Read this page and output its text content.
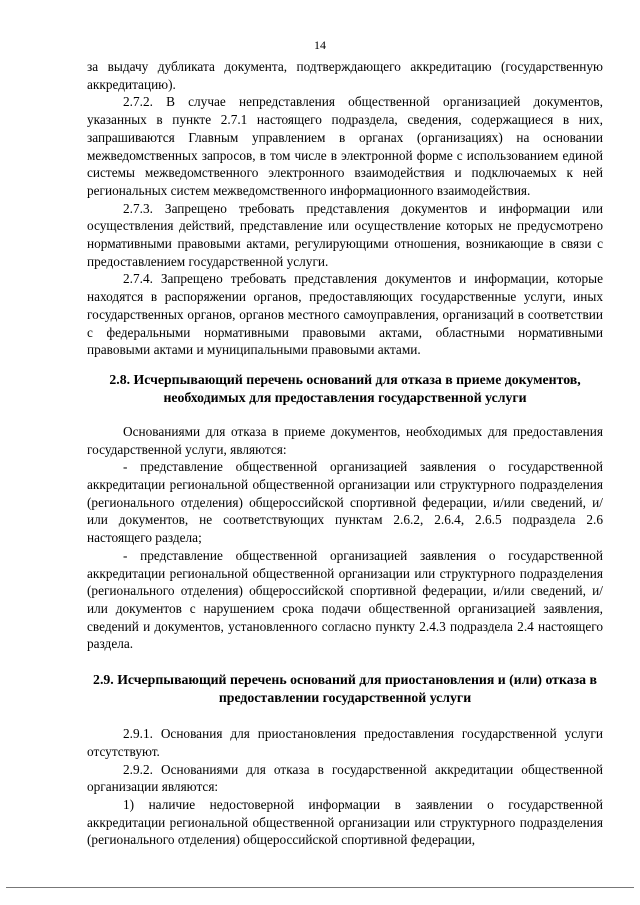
14

за выдачу дубликата документа, подтверждающего аккредитацию (государственную аккредитацию).

2.7.2. В случае непредставления общественной организацией документов, указанных в пункте 2.7.1 настоящего подраздела, сведения, содержащиеся в них, запрашиваются Главным управлением в органах (организациях) на основании межведомственных запросов, в том числе в электронной форме с использованием единой системы межведомственного электронного взаимодействия и подключаемых к ней региональных систем межведомственного информационного взаимодействия.

2.7.3. Запрещено требовать представления документов и информации или осуществления действий, представление или осуществление которых не предусмотрено нормативными правовыми актами, регулирующими отношения, возникающие в связи с предоставлением государственной услуги.

2.7.4. Запрещено требовать представления документов и информации, которые находятся в распоряжении органов, предоставляющих государственные услуги, иных государственных органов, органов местного самоуправления, организаций в соответствии с федеральными нормативными правовыми актами, областными нормативными правовыми актами и муниципальными правовыми актами.

2.8. Исчерпывающий перечень оснований для отказа в приеме документов, необходимых для предоставления государственной услуги

Основаниями для отказа в приеме документов, необходимых для предоставления государственной услуги, являются:

- представление общественной организацией заявления о государственной аккредитации региональной общественной организации или структурного подразделения (регионального отделения) общероссийской спортивной федерации, и/или сведений, и/или документов, не соответствующих пунктам 2.6.2, 2.6.4, 2.6.5 подраздела 2.6 настоящего раздела;

- представление общественной организацией заявления о государственной аккредитации региональной общественной организации или структурного подразделения (регионального отделения) общероссийской спортивной федерации, и/или сведений, и/или документов с нарушением срока подачи общественной организацией заявления, сведений и документов, установленного согласно пункту 2.4.3 подраздела 2.4 настоящего раздела.

2.9. Исчерпывающий перечень оснований для приостановления и (или) отказа в предоставлении государственной услуги

2.9.1. Основания для приостановления предоставления государственной услуги отсутствуют.

2.9.2. Основаниями для отказа в государственной аккредитации общественной организации являются:

1) наличие недостоверной информации в заявлении о государственной аккредитации региональной общественной организации или структурного подразделения (регионального отделения) общероссийской спортивной федерации,
